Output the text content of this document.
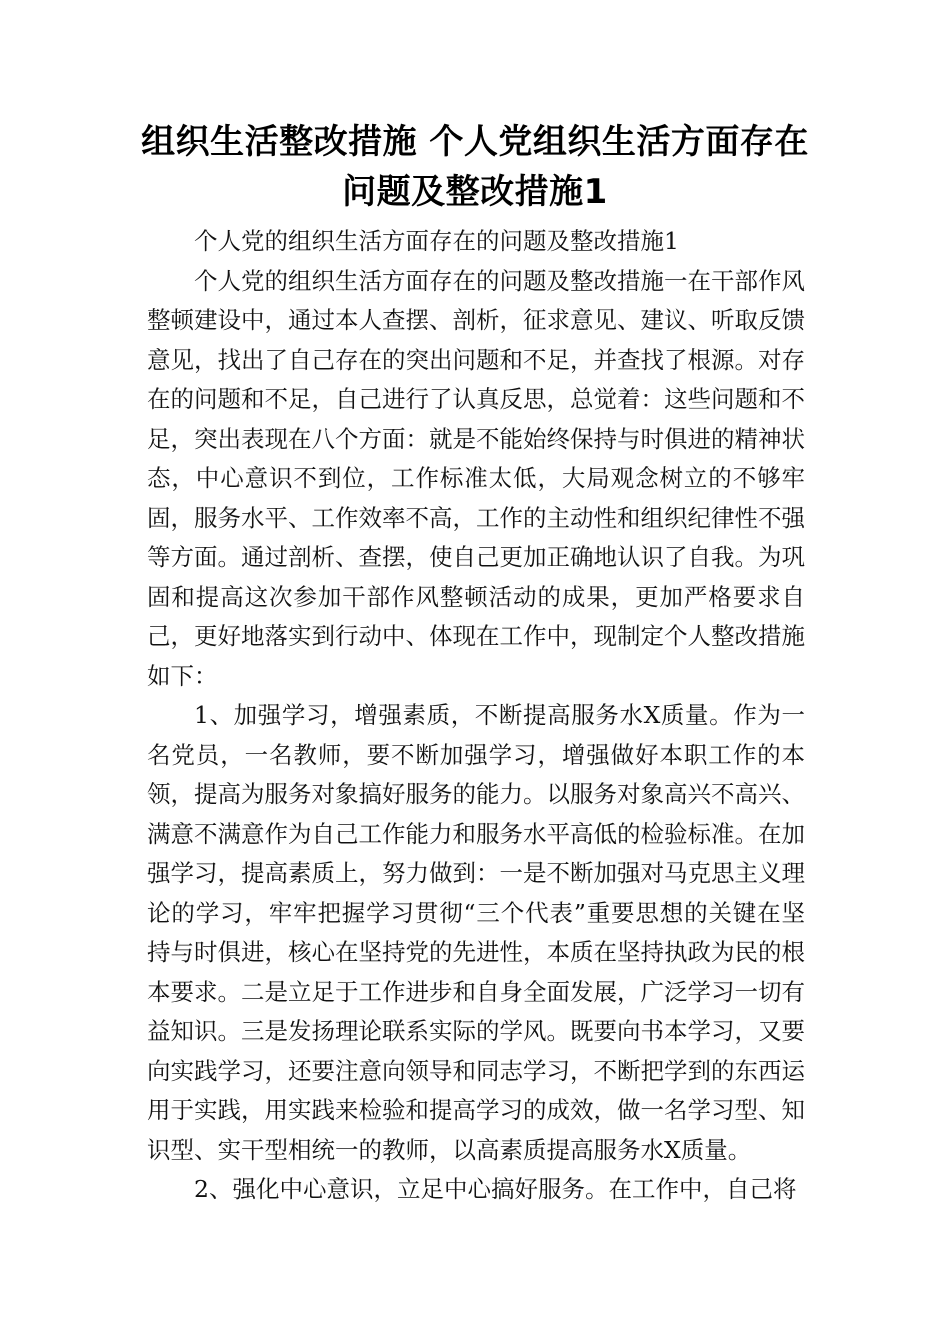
组织生活整改措施 个人党组织生活方面存在问题及整改措施1

个人党的组织生活方面存在的问题及整改措施1

个人党的组织生活方面存在的问题及整改措施一在干部作风整顿建设中，通过本人查摆、剖析，征求意见、建议、听取反馈意见，找出了自己存在的突出问题和不足，并查找了根源。对存在的问题和不足，自己进行了认真反思，总觉着：这些问题和不足，突出表现在八个方面：就是不能始终保持与时俱进的精神状态，中心意识不到位，工作标准太低，大局观念树立的不够牢固，服务水平、工作效率不高，工作的主动性和组织纪律性不强等方面。通过剖析、查摆，使自己更加正确地认识了自我。为巩固和提高这次参加干部作风整顿活动的成果，更加严格要求自己，更好地落实到行动中、体现在工作中，现制定个人整改措施如下：

1、加强学习，增强素质，不断提高服务水X质量。作为一名党员，一名教师，要不断加强学习，增强做好本职工作的本领，提高为服务对象搞好服务的能力。以服务对象高兴不高兴、满意不满意作为自己工作能力和服务水平高低的检验标准。在加强学习，提高素质上，努力做到：一是不断加强对马克思主义理论的学习，牢牢把握学习贯彻“三个代表”重要思想的关键在坚持与时俱进，核心在坚持党的先进性，本质在坚持执政为民的根本要求。二是立足于工作进步和自身全面发展，广泛学习一切有益知识。三是发扬理论联系实际的学风。既要向书本学习，又要向实践学习，还要注意向领导和同志学习，不断把学到的东西运用于实践，用实践来检验和提高学习的成效，做一名学习型、知识型、实干型相统一的教师，以高素质提高服务水X质量。

2、强化中心意识，立足中心搞好服务。在工作中，自己将
